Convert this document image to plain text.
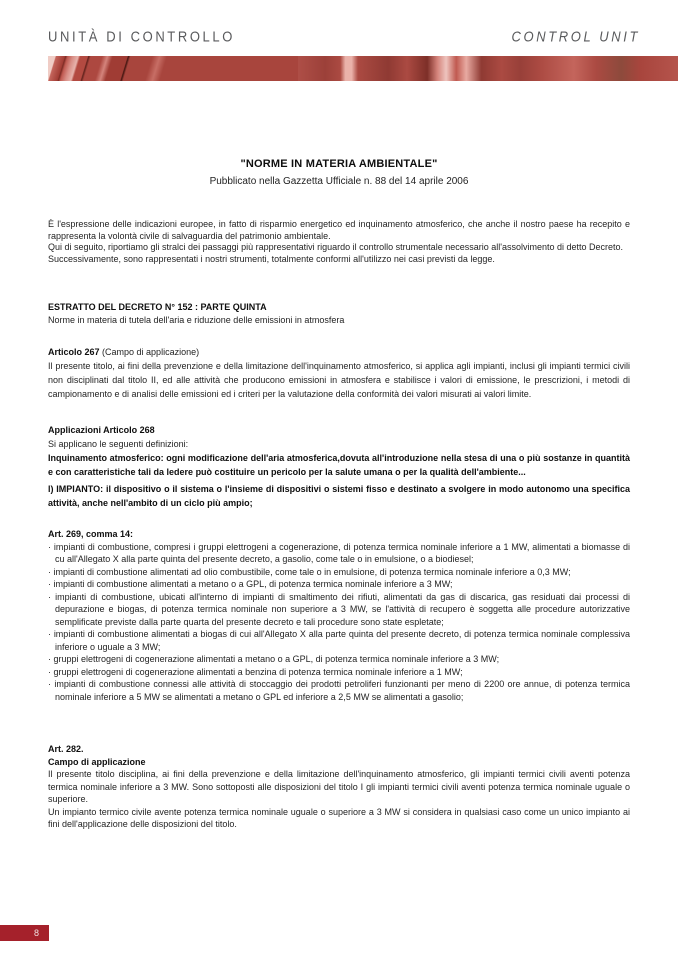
UNITÀ DI CONTROLLO	CONTROL UNIT
"NORME IN MATERIA AMBIENTALE"
Pubblicato nella Gazzetta Ufficiale n. 88 del 14 aprile 2006

È l'espressione delle indicazioni europee, in fatto di risparmio energetico ed inquinamento atmosferico, che anche il nostro paese ha recepito e rappresenta la volontà civile di salvaguardia del patrimonio ambientale.

Qui di seguito, riportiamo gli stralci dei passaggi più rappresentativi riguardo il controllo strumentale necessario all'assolvimento di detto Decreto.

Successivamente, sono rappresentati i nostri strumenti, totalmente conformi all'utilizzo nei casi previsti da legge.

ESTRATTO DEL DECRETO N° 152 : PARTE QUINTA

Norme in materia di tutela dell'aria e riduzione delle emissioni in atmosfera

Articolo 267 (Campo di applicazione)

Il presente titolo, ai fini della prevenzione e della limitazione dell'inquinamento atmosferico, si applica agli impianti, inclusi gli impianti termici civili non disciplinati dal titolo II, ed alle attività che producono emissioni in atmosfera e stabilisce i valori di emissione, le prescrizioni, i metodi di campionamento e di analisi delle emissioni ed i criteri per la valutazione della conformità dei valori misurati ai valori limite.

Applicazioni Articolo 268

Si applicano le seguenti definizioni:

Inquinamento atmosferico: ogni modificazione dell'aria atmosferica,dovuta all'introduzione nella stesa di una o più sostanze in quantità e con caratteristiche tali da ledere può costituire un pericolo per la salute umana o per la qualità dell'ambiente...

l) IMPIANTO: il dispositivo o il sistema o l'insieme di dispositivi o sistemi fisso e destinato a svolgere in modo autonomo una specifica attività, anche nell'ambito di un ciclo più ampio;

Art. 269, comma 14:

· impianti di combustione, compresi i gruppi elettrogeni a cogenerazione, di potenza termica nominale inferiore a 1 MW, alimentati a biomasse di cu all'Allegato X alla parte quinta del presente decreto, a gasolio, come tale o in emulsione, o a biodiesel;
· impianti di combustione alimentati ad olio combustibile, come tale o in emulsione, di potenza termica nominale inferiore a 0,3 MW;
· impianti di combustione alimentati a metano o a GPL, di potenza termica nominale inferiore a 3 MW;
· impianti di combustione, ubicati all'interno di impianti di smaltimento dei rifiuti, alimentati da gas di discarica, gas residuati dai processi di depurazione e biogas, di potenza termica nominale non superiore a 3 MW, se l'attività di recupero è soggetta alle procedure autorizzative semplificate previste dalla parte quarta del presente decreto e tali procedure sono state espletate;
· impianti di combustione alimentati a biogas di cui all'Allegato X alla parte quinta del presente decreto, di potenza termica nominale complessiva inferiore o uguale a 3 MW;
· gruppi elettrogeni di cogenerazione alimentati a metano o a GPL, di potenza termica nominale inferiore a 3 MW;
· gruppi elettrogeni di cogenerazione alimentati a benzina di potenza termica nominale inferiore a 1 MW;
· impianti di combustione connessi alle attività di stoccaggio dei prodotti petroliferi funzionanti per meno di 2200 ore annue, di potenza termica nominale inferiore a 5 MW se alimentati a metano o GPL ed inferiore a 2,5 MW se alimentati a gasolio;

Art. 282.

Campo di applicazione

Il presente titolo disciplina, ai fini della prevenzione e della limitazione dell'inquinamento atmosferico, gli impianti termici civili aventi potenza termica nominale inferiore a 3 MW. Sono sottoposti alle disposizioni del titolo I gli impianti termici civili aventi potenza termica nominale uguale o superiore.

Un impianto termico civile avente potenza termica nominale uguale o superiore a 3 MW si considera in qualsiasi caso come un unico impianto ai fini dell'applicazione delle disposizioni del titolo.

8
